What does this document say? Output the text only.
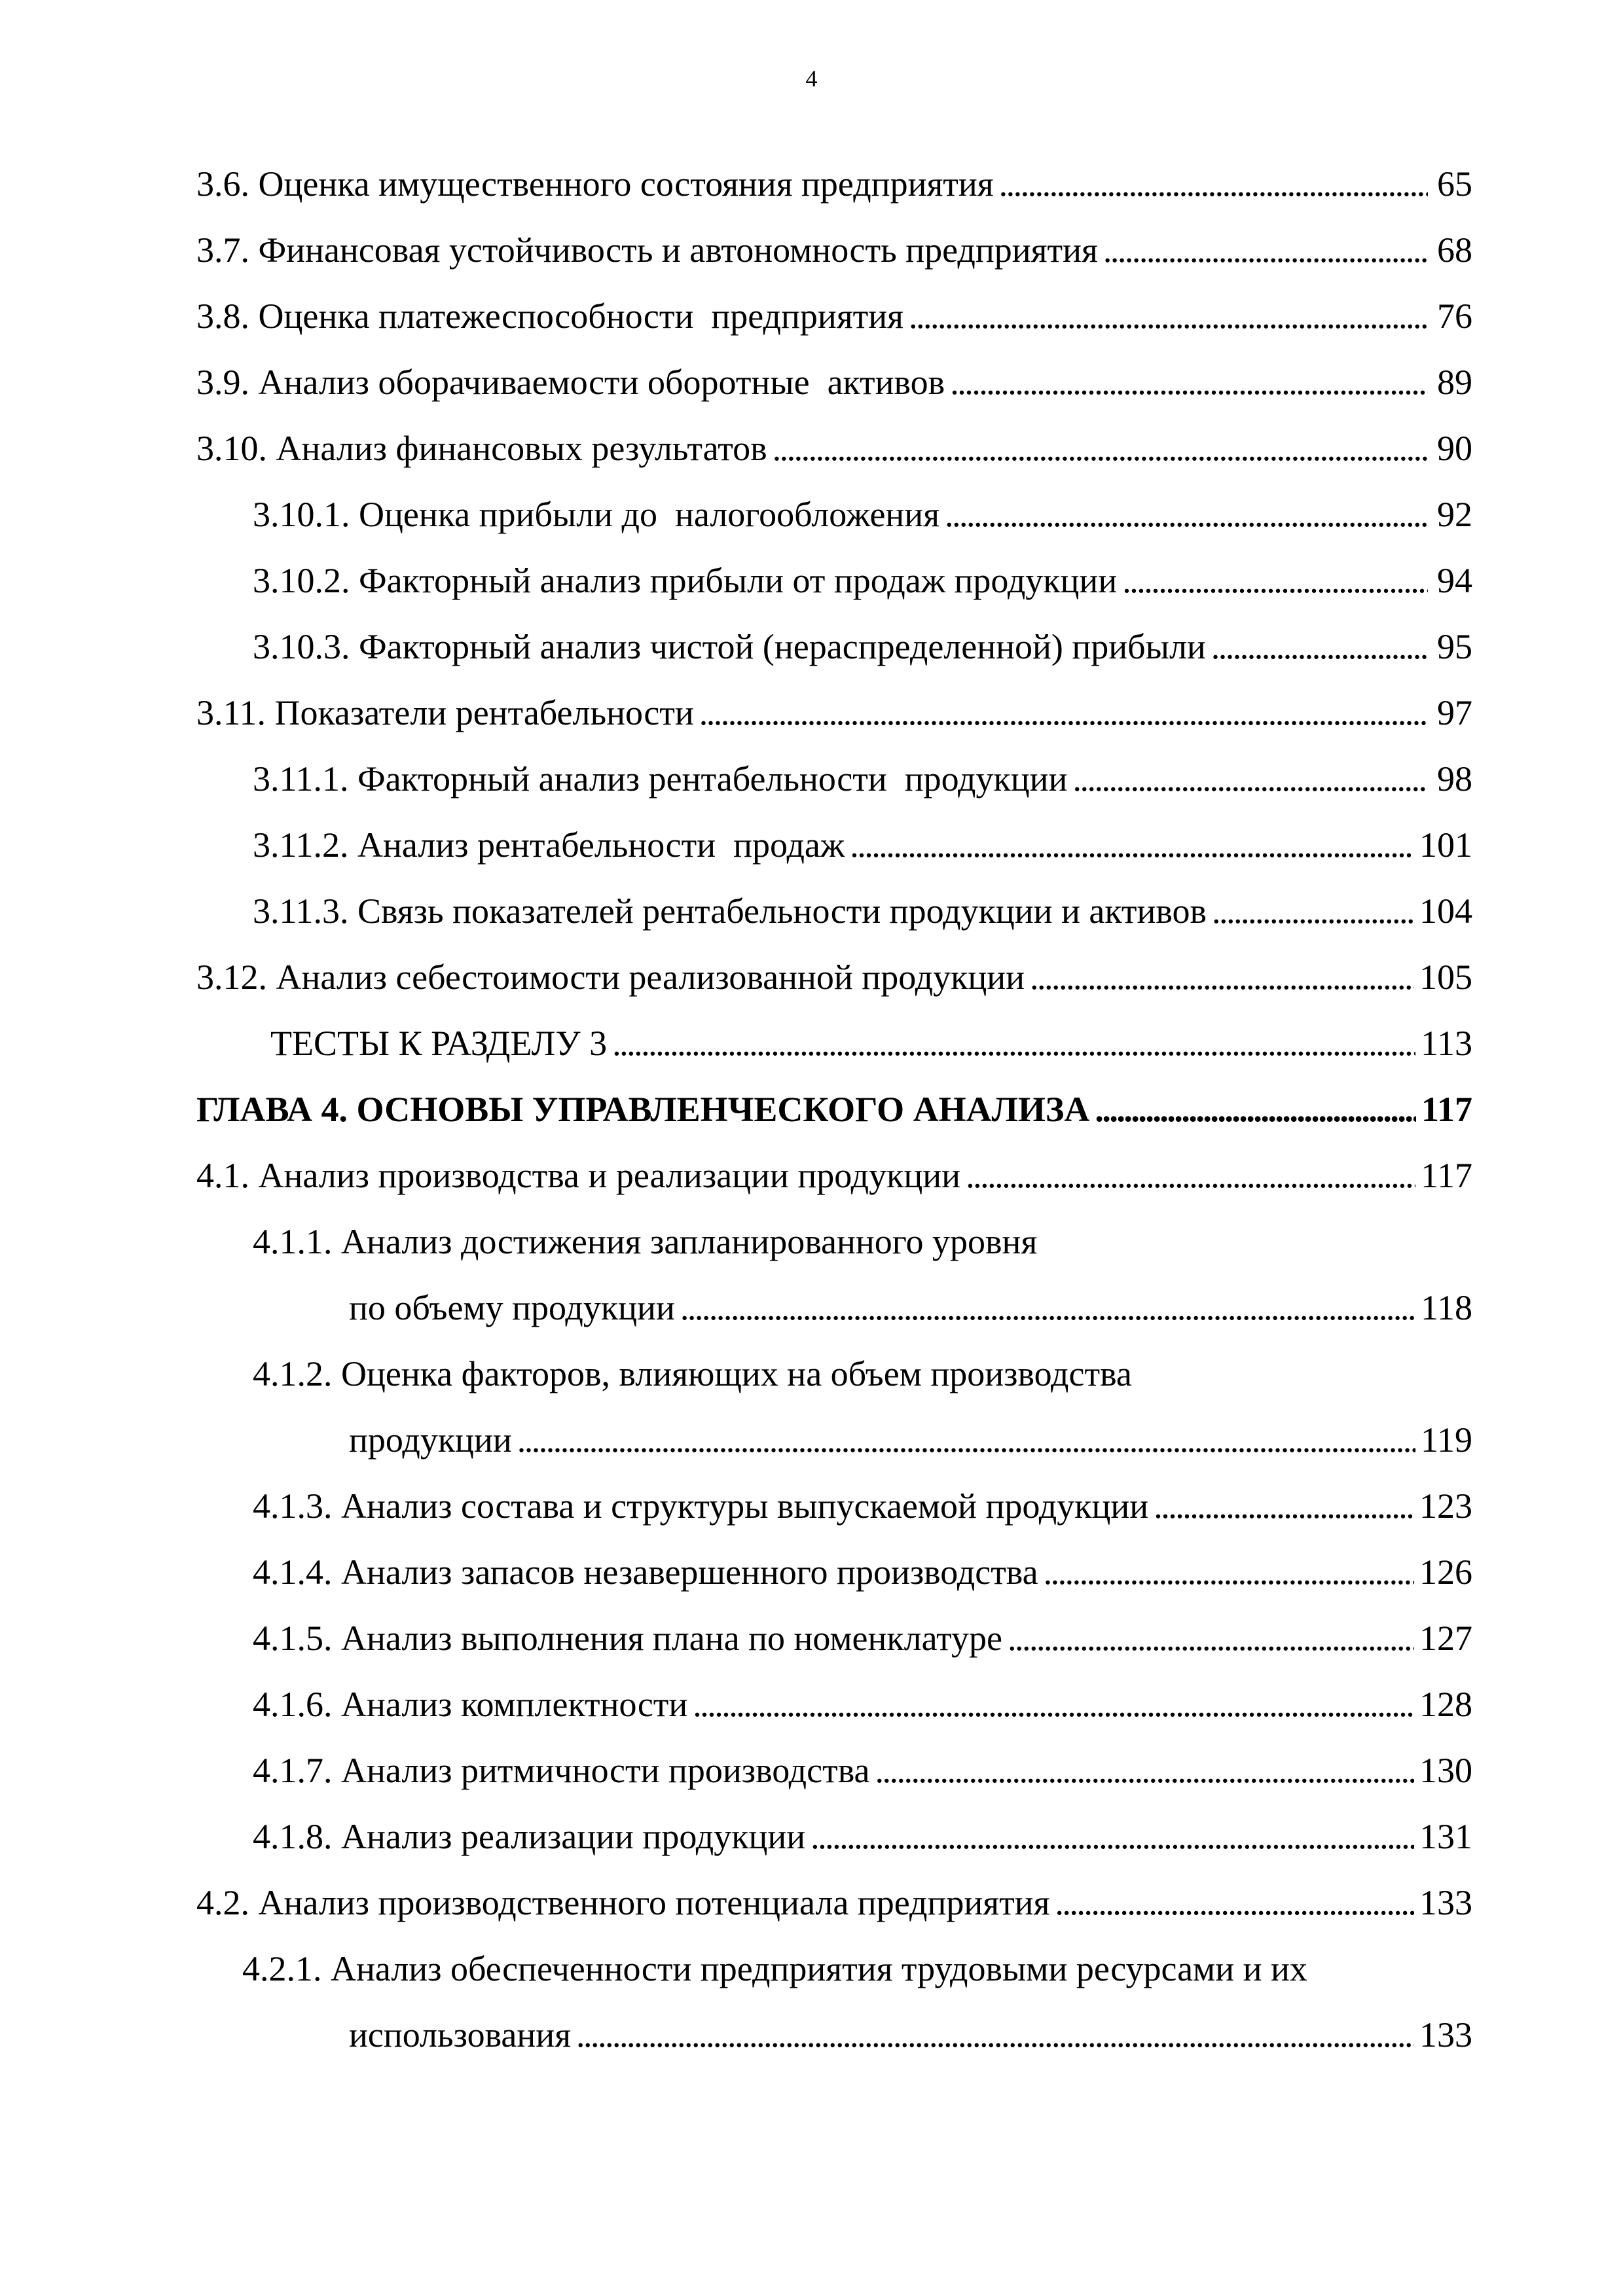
4
3.6. Оценка имущественного состояния предприятия . . .	65
3.7. Финансовая устойчивость и автономность предприятия . . .	68
3.8. Оценка платежеспособности  предприятия . . .	76
3.9. Анализ оборачиваемости оборотные  активов . . .	89
3.10. Анализ финансовых результатов . . .	90
3.10.1. Оценка прибыли до  налогообложения . . .	92
3.10.2. Факторный анализ прибыли от продаж продукции . . .	94
3.10.3. Факторный анализ чистой (нераспределенной) прибыли . . .	95
3.11. Показатели рентабельности . . .	97
3.11.1. Факторный анализ рентабельности  продукции . . .	98
3.11.2. Анализ рентабельности  продаж . . .	101
3.11.3. Связь показателей рентабельности продукции и активов . . .	104
3.12. Анализ себестоимости реализованной продукции . . .	105
ТЕСТЫ К РАЗДЕЛУ 3 . . .	113
ГЛАВА 4. ОСНОВЫ УПРАВЛЕНЧЕСКОГО АНАЛИЗА . . .	117
4.1. Анализ производства и реализации продукции . . .	117
4.1.1. Анализ достижения запланированного уровня
по объему продукции . . .	118
4.1.2. Оценка факторов, влияющих на объем производства
продукции . . .	119
4.1.3. Анализ состава и структуры выпускаемой продукции . . .	123
4.1.4. Анализ запасов незавершенного производства . . .	126
4.1.5. Анализ выполнения плана по номенклатуре . . .	127
4.1.6. Анализ комплектности . . .	128
4.1.7. Анализ ритмичности производства . . .	130
4.1.8. Анализ реализации продукции . . .	131
4.2. Анализ производственного потенциала предприятия . . .	133
4.2.1. Анализ обеспеченности предприятия трудовыми ресурсами и их
использования . . .	133
